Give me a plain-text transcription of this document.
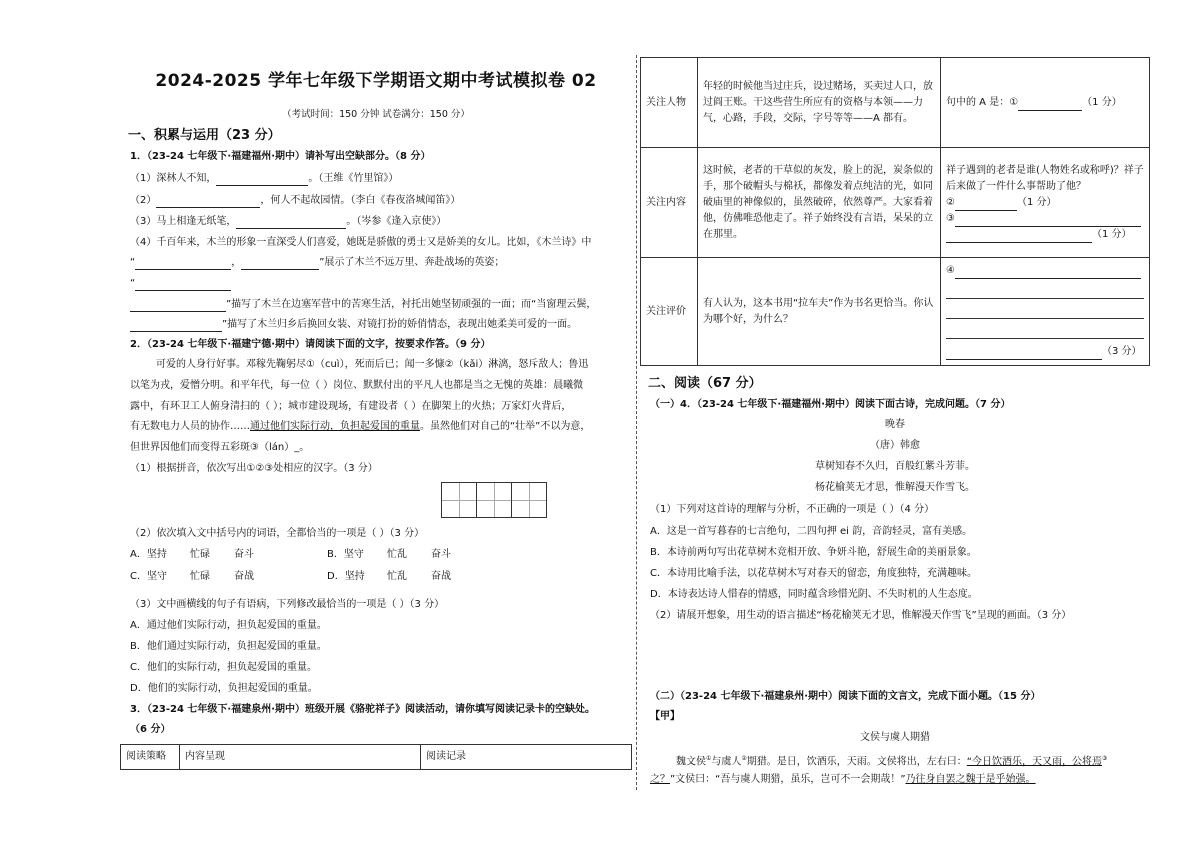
2024-2025 学年七年级下学期语文期中考试模拟卷 02
（考试时间：150 分钟 试卷满分：150 分）
一、积累与运用（23 分）
1．（23-24 七年级下·福建福州·期中）请补写出空缺部分。（8 分）
（1）深林人不知，	。（王维《竹里馆》）
（2）	，何人不起故园情。（李白《春夜洛城闻笛》）
（3）马上相逢无纸笔，	。（岑参《逢入京使》）
（4）千百年来，木兰的形象一直深受人们喜爱，她既是骄傲的勇士又是娇美的女儿。比如，《木兰诗》中
“	，	”展示了木兰不远万里、奔赴战场的英姿；
“
”描写了木兰在边塞军营中的苦寒生活，衬托出她坚韧顽强的一面；而“当窗理云鬓，
”描写了木兰归乡后换回女装、对镜打扮的娇俏情态，表现出她柔美可爱的一面。
2．（23-24 七年级下·福建宁德·期中）请阅读下面的文字，按要求作答。（9 分）
可爱的人身行好事。邓稼先鞠躬尽①（cuì），死而后已；闻一多慷②（kǎi）淋漓，怒斥敌人；鲁迅
以笔为戎，爱憎分明。和平年代，每一位（ ）岗位、默默付出的平凡人也都是当之无愧的英雄：晨曦微
露中，有环卫工人俯身清扫的（ ）；城市建设现场，有建设者（ ）在脚架上的火热；万家灯火背后，
有无数电力人员的协作……通过他们实际行动，负担起爱国的重量。虽然他们对自己的“壮举”不以为意，
但世界因他们而变得五彩斑③（lán）_。
（1）根据拼音，依次写出①②③处相应的汉字。（3 分）
（2）依次填入文中括号内的词语，全都恰当的一项是（ ）（3 分）
A．坚持 忙碌 奋斗	B．坚守 忙乱 奋斗
C．坚守 忙碌 奋战	D．坚持 忙乱 奋战
（3）文中画横线的句子有语病，下列修改最恰当的一项是（ ）（3 分）
A．通过他们实际行动，担负起爱国的重量。
B．他们通过实际行动，负担起爱国的重量。
C．他们的实际行动，担负起爱国的重量。
D．他们的实际行动，负担起爱国的重量。
3．（23-24 七年级下·福建泉州·期中）班级开展《骆驼祥子》阅读活动，请你填写阅读记录卡的空缺处。
（6 分）
阅读策略	内容呈现	阅读记录
关注人物	年轻的时候他当过庄兵，设过赌场，买卖过人口，放过阎王账。干这些营生所应有的资格与本领——力气，心路，手段，交际，字号等等——A 都有。	句中的 A 是：① （1 分）
关注内容	这时候，老者的干草似的灰发，脸上的泥，炭条似的手，那个破帽头与棉袄，都像发着点纯洁的光，如同破庙里的神像似的，虽然破碎，依然尊严。大家看着他，仿佛唯恐他走了。祥子始终没有言语，呆呆的立在那里。	祥子遇到的老者是谁(人物姓名或称呼)？祥子后来做了一件什么事帮助了他？
② （1 分）
③
（1 分）

关注评价	有人认为，这本书用“拉车夫”作为书名更恰当。你认为哪个好，为什么？	④
（3 分）
二、阅读（67 分）
（一）4．（23-24 七年级下·福建福州·期中）阅读下面古诗，完成问题。（7 分）
晚春
（唐）韩愈
草树知春不久归，百般红紫斗芳菲。
杨花榆荚无才思，惟解漫天作雪飞。
（1）下列对这首诗的理解与分析，不正确的一项是（ ）（4 分）
A．这是一首写暮春的七言绝句，二四句押 ei 韵，音韵轻灵，富有美感。
B．本诗前两句写出花草树木竞相开放、争妍斗艳，舒展生命的美丽景象。
C．本诗用比喻手法，以花草树木写对春天的留恋，角度独特，充满趣味。
D．本诗表达诗人惜春的情感，同时蕴含珍惜光阴、不失时机的人生态度。
（2）请展开想象，用生动的语言描述“杨花榆荚无才思，惟解漫天作雪飞”呈现的画面。（3 分）
（二）（23-24 七年级下·福建泉州·期中）阅读下面的文言文，完成下面小题。（15 分）
【甲】
文侯与虞人期猎
魏文侯①与虞人②期猎。是日，饮酒乐，天雨。文侯将出，左右曰：“今日饮酒乐，天又雨，公将焉③
之？”文侯曰：“吾与虞人期猎，虽乐，岂可不一会期哉！”乃往身自罢之魏于是乎始强。
